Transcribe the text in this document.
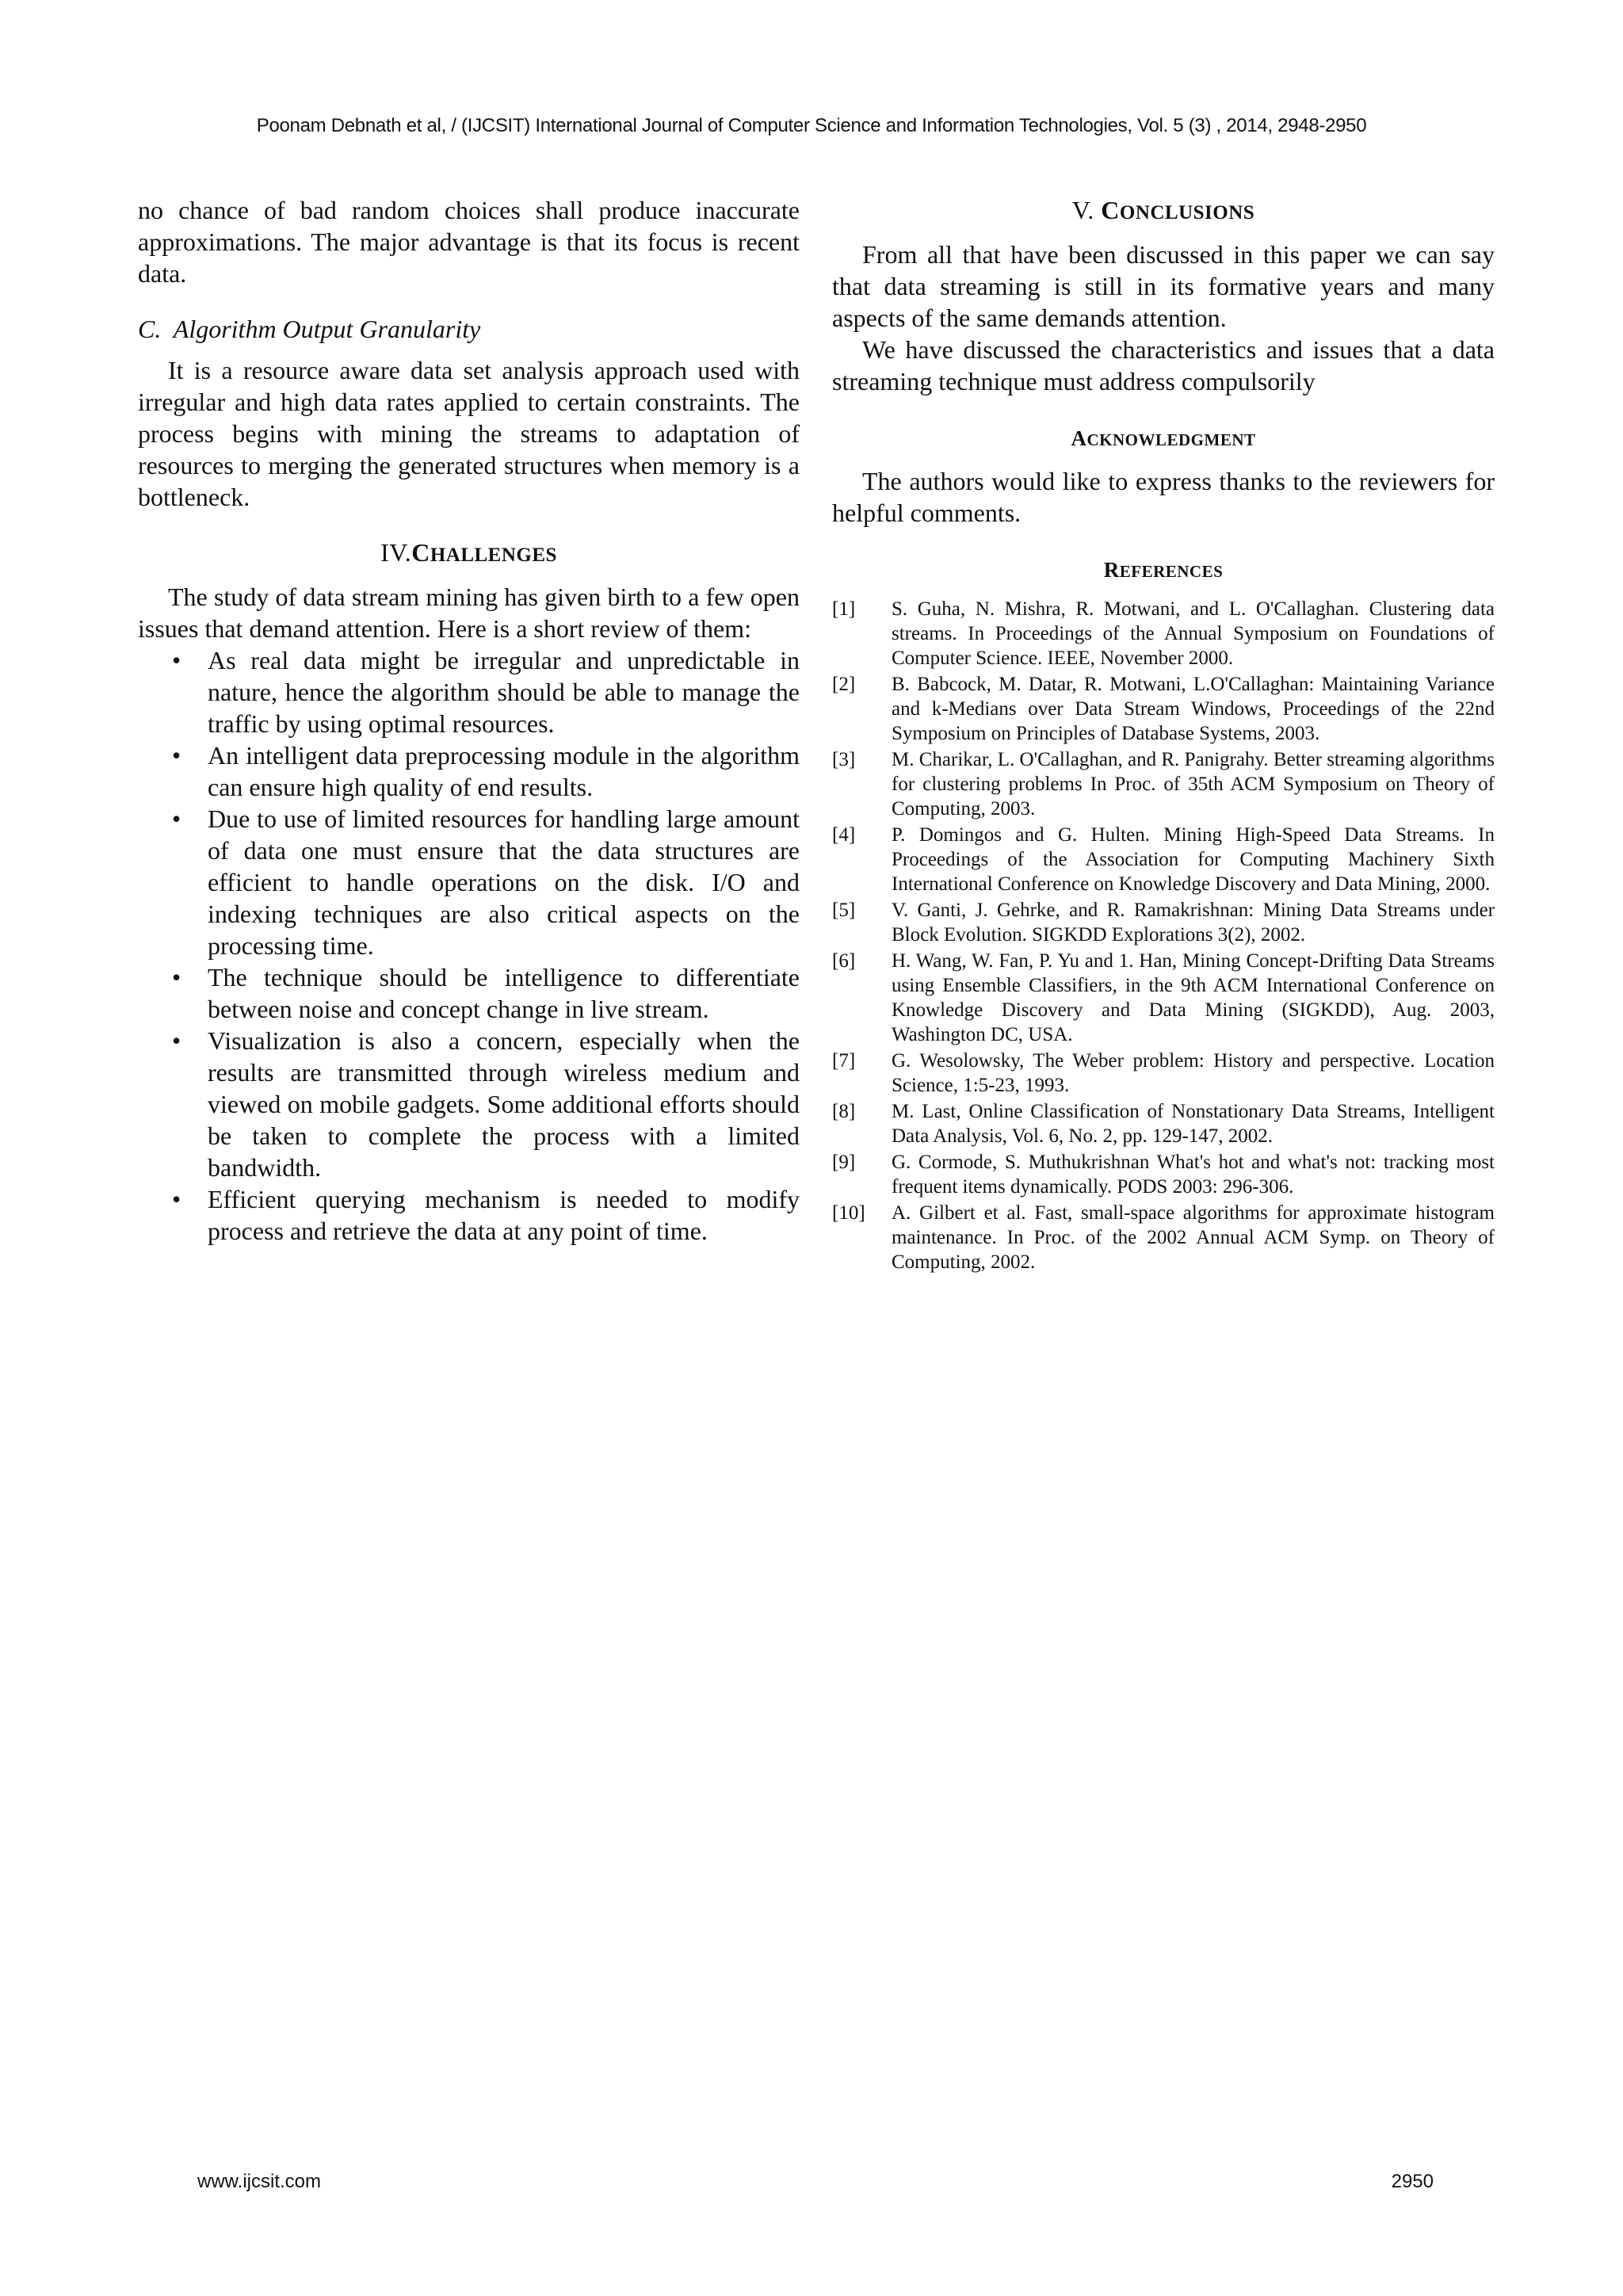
Poonam Debnath et al, / (IJCSIT) International Journal of Computer Science and Information Technologies, Vol. 5 (3) , 2014, 2948-2950

no chance of bad random choices shall produce inaccurate approximations. The major advantage is that its focus is recent data.

C. Algorithm Output Granularity

It is a resource aware data set analysis approach used with irregular and high data rates applied to certain constraints. The process begins with mining the streams to adaptation of resources to merging the generated structures when memory is a bottleneck.

IV.CHALLENGES

The study of data stream mining has given birth to a few open issues that demand attention. Here is a short review of them:

• As real data might be irregular and unpredictable in nature, hence the algorithm should be able to manage the traffic by using optimal resources.
• An intelligent data preprocessing module in the algorithm can ensure high quality of end results.
• Due to use of limited resources for handling large amount of data one must ensure that the data structures are efficient to handle operations on the disk. I/O and indexing techniques are also critical aspects on the processing time.
• The technique should be intelligence to differentiate between noise and concept change in live stream.
• Visualization is also a concern, especially when the results are transmitted through wireless medium and viewed on mobile gadgets. Some additional efforts should be taken to complete the process with a limited bandwidth.
• Efficient querying mechanism is needed to modify process and retrieve the data at any point of time.
V. CONCLUSIONS

From all that have been discussed in this paper we can say that data streaming is still in its formative years and many aspects of the same demands attention.

We have discussed the characteristics and issues that a data streaming technique must address compulsorily

ACKNOWLEDGMENT

The authors would like to express thanks to the reviewers for helpful comments.

REFERENCES
[1]	S. Guha, N. Mishra, R. Motwani, and L. O'Callaghan. Clustering data streams. In Proceedings of the Annual Symposium on Foundations of Computer Science. IEEE, November 2000.
[2]	B. Babcock, M. Datar, R. Motwani, L.O'Callaghan: Maintaining Variance and k-Medians over Data Stream Windows, Proceedings of the 22nd Symposium on Principles of Database Systems, 2003.
[3]	M. Charikar, L. O'Callaghan, and R. Panigrahy. Better streaming algorithms for clustering problems In Proc. of 35th ACM Symposium on Theory of Computing, 2003.
[4]	P. Domingos and G. Hulten. Mining High-Speed Data Streams. In Proceedings of the Association for Computing Machinery Sixth International Conference on Knowledge Discovery and Data Mining, 2000.
[5]	V. Ganti, J. Gehrke, and R. Ramakrishnan: Mining Data Streams under Block Evolution. SIGKDD Explorations 3(2), 2002.
[6]	H. Wang, W. Fan, P. Yu and 1. Han, Mining Concept-Drifting Data Streams using Ensemble Classifiers, in the 9th ACM International Conference on Knowledge Discovery and Data Mining (SIGKDD), Aug. 2003, Washington DC, USA.
[7]	G. Wesolowsky, The Weber problem: History and perspective. Location Science, 1:5-23, 1993.
[8]	M. Last, Online Classification of Nonstationary Data Streams, Intelligent Data Analysis, Vol. 6, No. 2, pp. 129-147, 2002.
[9]	G. Cormode, S. Muthukrishnan What's hot and what's not: tracking most frequent items dynamically. PODS 2003: 296-306.
[10]	A. Gilbert et al. Fast, small-space algorithms for approximate histogram maintenance. In Proc. of the 2002 Annual ACM Symp. on Theory of Computing, 2002.
www.ijcsit.com	2950
